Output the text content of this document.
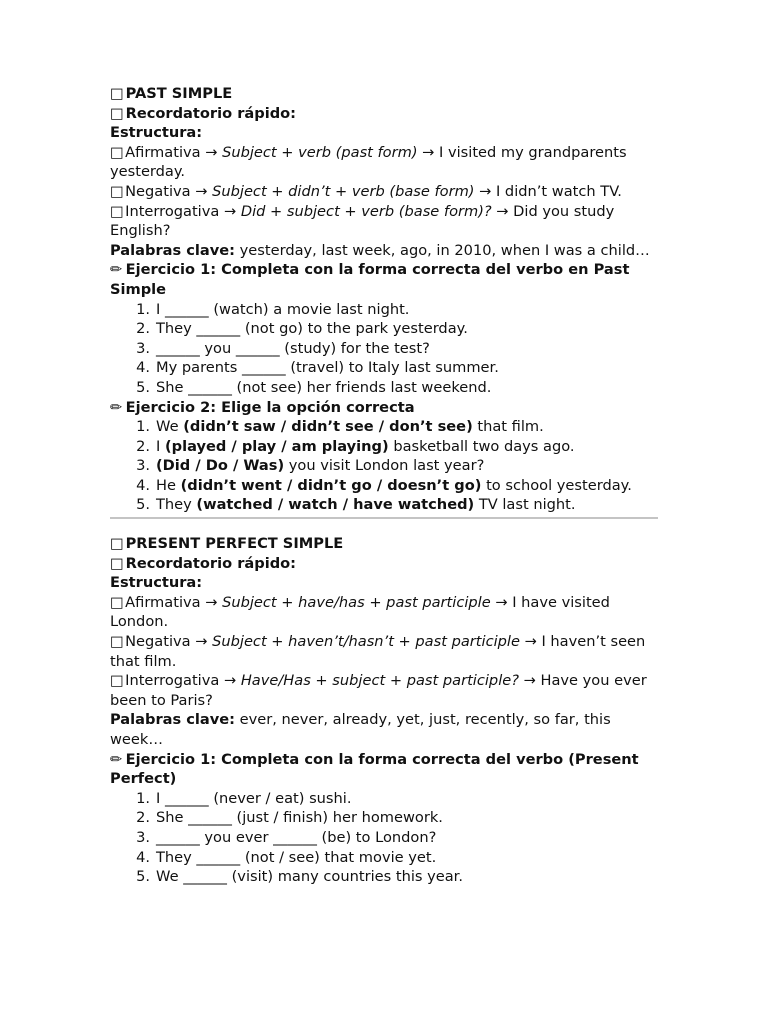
□ PAST SIMPLE
□ Recordatorio rápido:
Estructura:
□ Afirmativa → Subject + verb (past form) → I visited my grandparents yesterday.
□ Negativa → Subject + didn’t + verb (base form) → I didn’t watch TV.
□ Interrogativa → Did + subject + verb (base form)? → Did you study English?
Palabras clave: yesterday, last week, ago, in 2010, when I was a child…
✏ Ejercicio 1: Completa con la forma correcta del verbo en Past Simple
1. I ______ (watch) a movie last night.
2. They ______ (not go) to the park yesterday.
3. ______ you ______ (study) for the test?
4. My parents ______ (travel) to Italy last summer.
5. She ______ (not see) her friends last weekend.
✏ Ejercicio 2: Elige la opción correcta
1. We (didn’t saw / didn’t see / don’t see) that film.
2. I (played / play / am playing) basketball two days ago.
3. (Did / Do / Was) you visit London last year?
4. He (didn’t went / didn’t go / doesn’t go) to school yesterday.
5. They (watched / watch / have watched) TV last night.
□ PRESENT PERFECT SIMPLE
□ Recordatorio rápido:
Estructura:
□ Afirmativa → Subject + have/has + past participle → I have visited London.
□ Negativa → Subject + haven’t/hasn’t + past participle → I haven’t seen that film.
□ Interrogativa → Have/Has + subject + past participle? → Have you ever been to Paris?
Palabras clave: ever, never, already, yet, just, recently, so far, this week…
✏ Ejercicio 1: Completa con la forma correcta del verbo (Present Perfect)
1. I ______ (never / eat) sushi.
2. She ______ (just / finish) her homework.
3. ______ you ever ______ (be) to London?
4. They ______ (not / see) that movie yet.
5. We ______ (visit) many countries this year.
